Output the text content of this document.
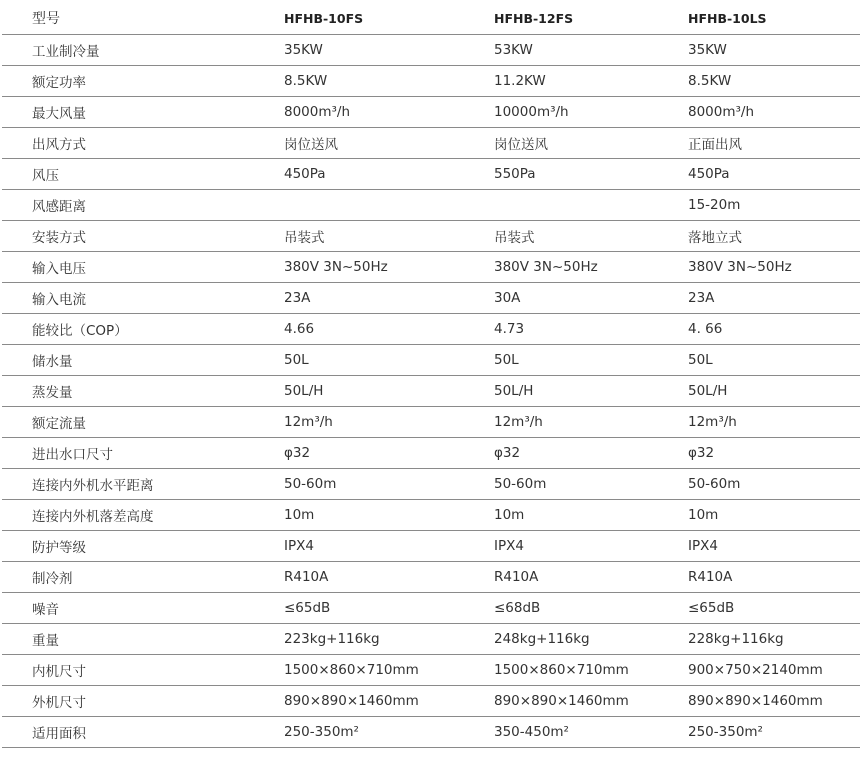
型号	HFHB-10FS	HFHB-12FS	HFHB-10LS
工业制冷量	35KW	53KW	35KW
额定功率	8.5KW	11.2KW	8.5KW
最大风量	8000m³/h	10000m³/h	8000m³/h
出风方式	岗位送风	岗位送风	正面出风
风压	450Pa	550Pa	450Pa
风感距离			15-20m
安装方式	吊装式	吊装式	落地立式
输入电压	380V 3N~50Hz	380V 3N~50Hz	380V 3N~50Hz
输入电流	23A	30A	23A
能较比（COP）	4.66	4.73	4. 66
储水量	50L	50L	50L
蒸发量	50L/H	50L/H	50L/H
额定流量	12m³/h	12m³/h	12m³/h
进出水口尺寸	φ32	φ32	φ32
连接内外机水平距离	50-60m	50-60m	50-60m
连接内外机落差高度	10m	10m	10m
防护等级	IPX4	IPX4	IPX4
制冷剂	R410A	R410A	R410A
噪音	≤65dB	≤68dB	≤65dB
重量	223kg+116kg	248kg+116kg	228kg+116kg
内机尺寸	1500×860×710mm	1500×860×710mm	900×750×2140mm
外机尺寸	890×890×1460mm	890×890×1460mm	890×890×1460mm
适用面积	250-350m²	350-450m²	250-350m²
